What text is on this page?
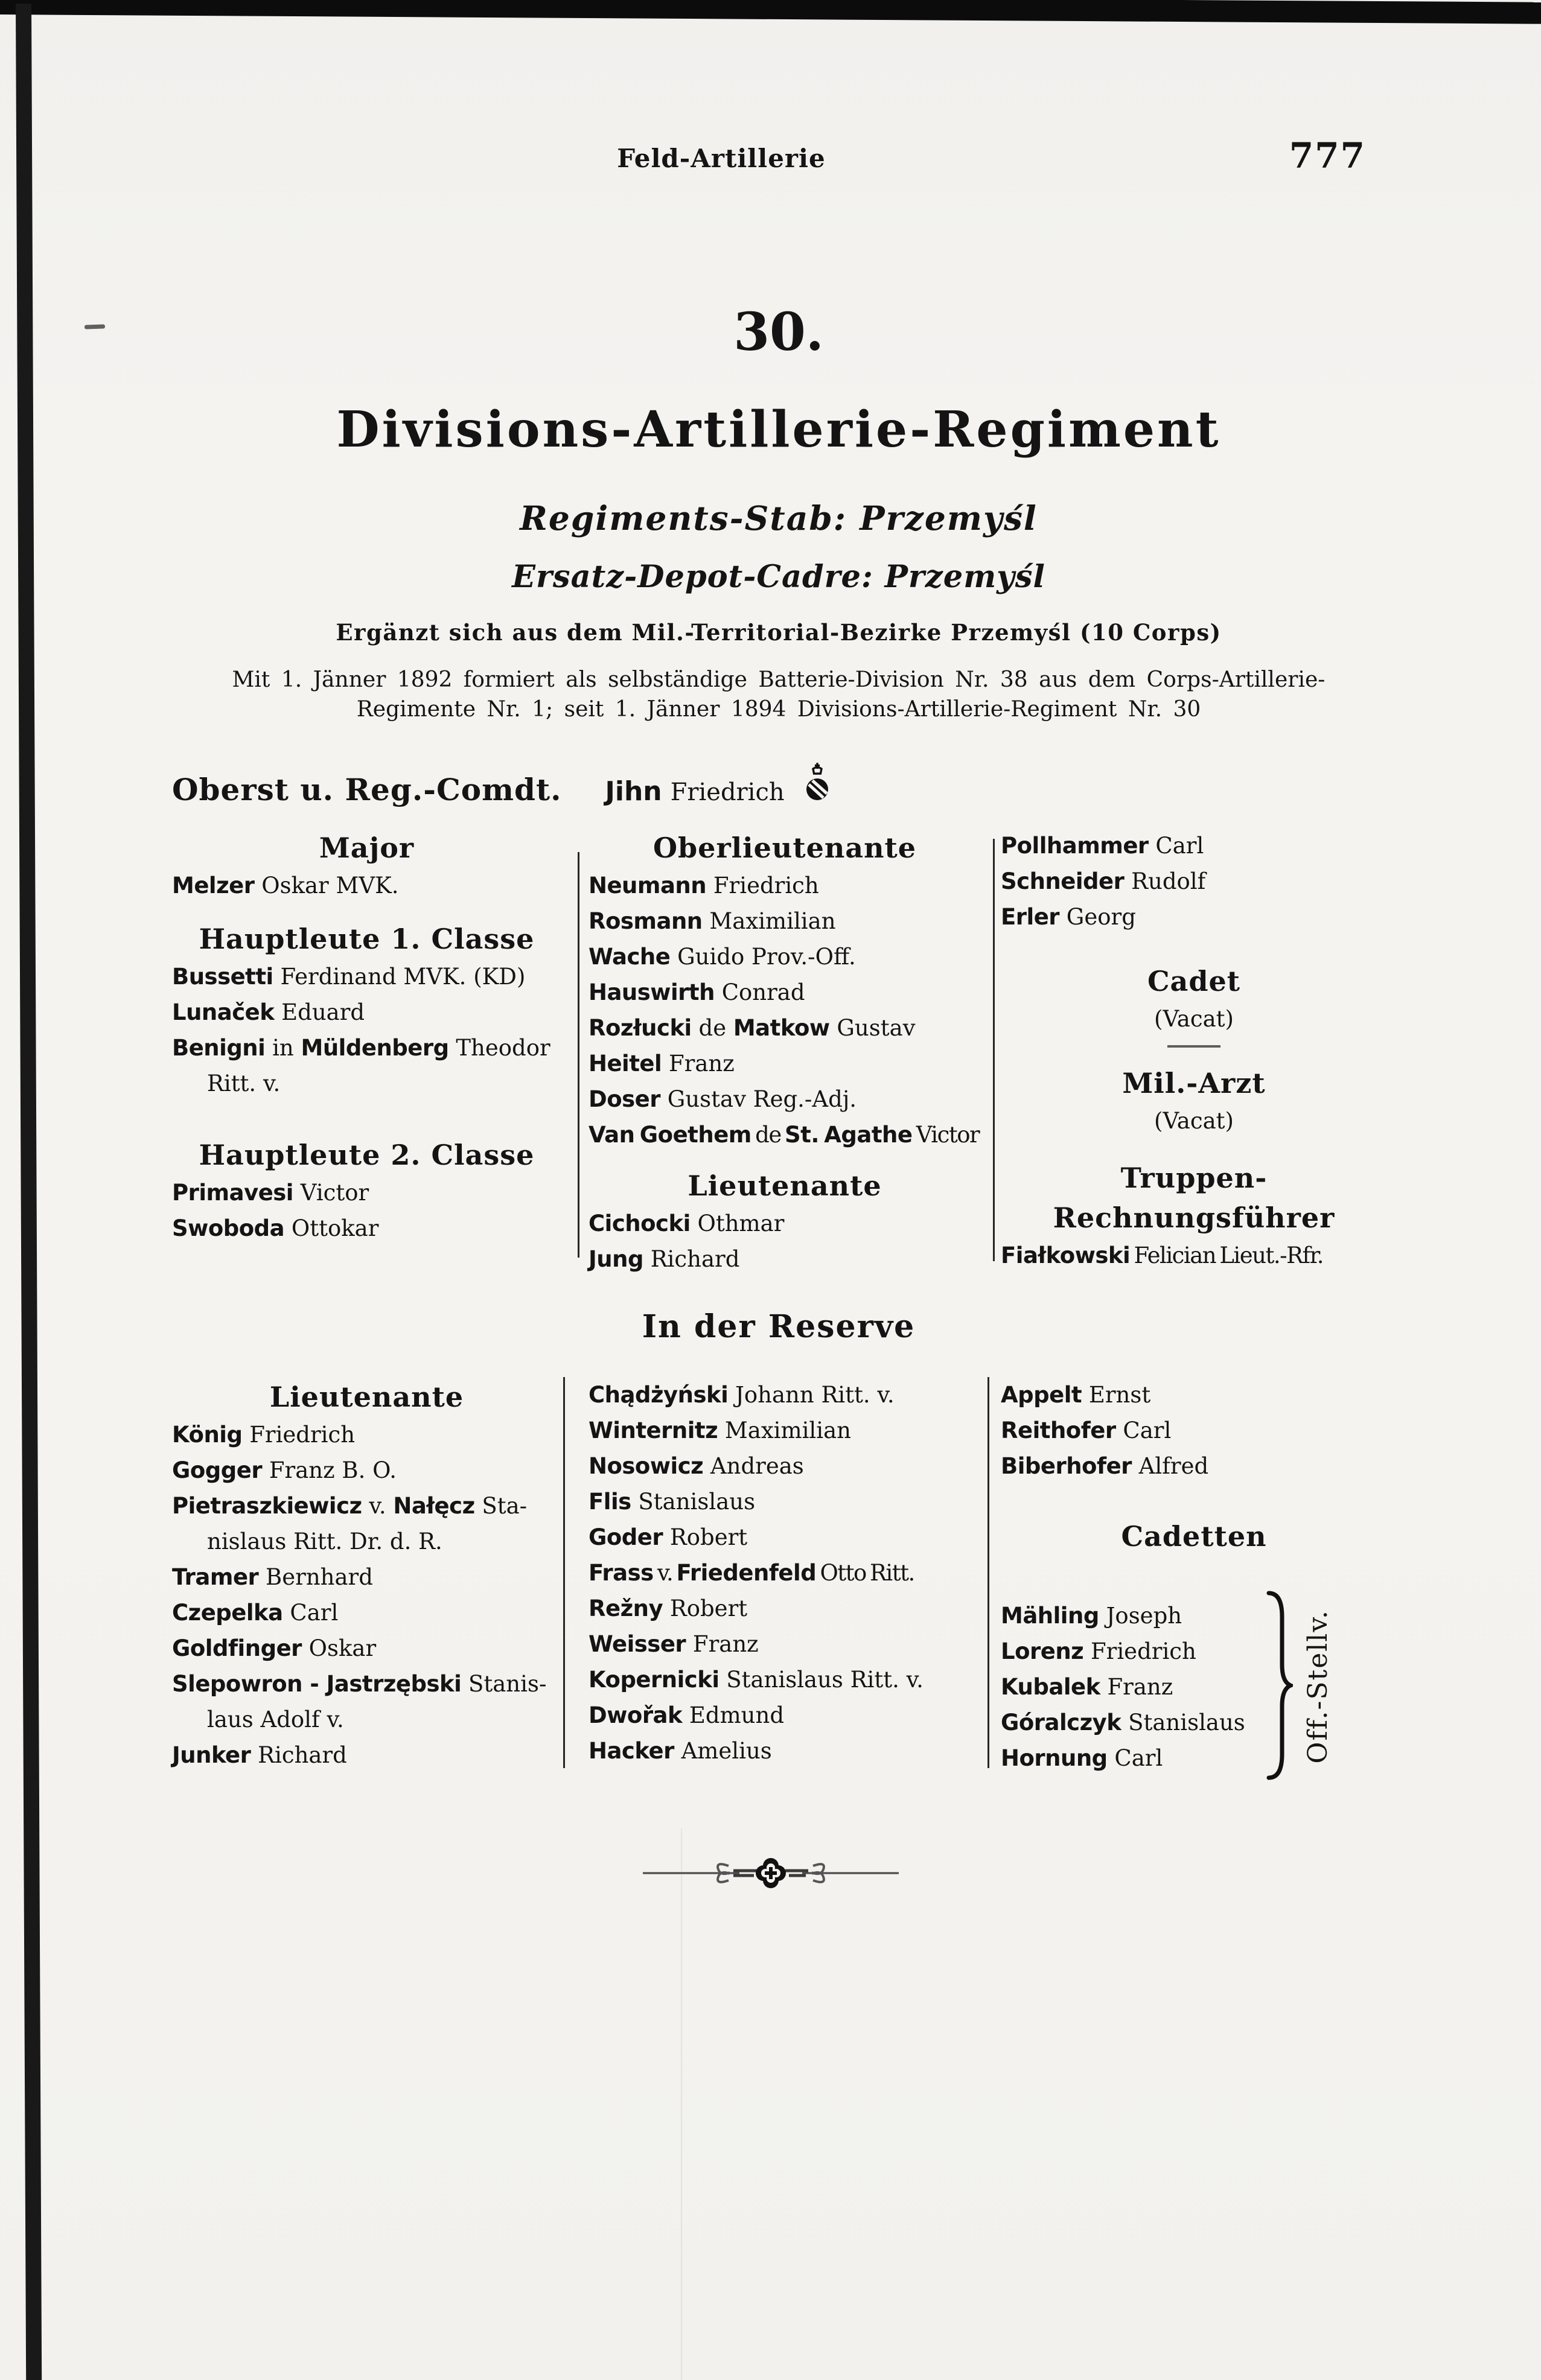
Feld-Artillerie	777
30.
Divisions-Artillerie-Regiment
Regiments-Stab: Przemyśl
Ersatz-Depot-Cadre: Przemyśl
Ergänzt sich aus dem Mil.-Territorial-Bezirke Przemyśl (10 Corps)
Mit 1. Jänner 1892 formiert als selbständige Batterie-Division Nr. 38 aus dem Corps-Artillerie-
Regimente Nr. 1; seit 1. Jänner 1894 Divisions-Artillerie-Regiment Nr. 30
Oberst u. Reg.-Comdt. Jihn Friedrich
Major

Melzer Oskar MVK.

Hauptleute 1. Classe

Bussetti Ferdinand MVK. (KD)

Lunaček Eduard

Benigni in Müldenberg Theodor
Ritt. v.

Hauptleute 2. Classe

Primavesi Victor

Swoboda Ottokar

Oberlieutenante

Neumann Friedrich

Rosmann Maximilian

Wache Guido Prov.-Off.

Hauswirth Conrad

Rozłucki de Matkow Gustav

Heitel Franz

Doser Gustav Reg.-Adj.

Van Goethem de St. Agathe Victor

Lieutenante

Cichocki Othmar

Jung Richard

Pollhammer Carl

Schneider Rudolf

Erler Georg

Cadet

(Vacat)

Mil.-Arzt

(Vacat)

Truppen-Rechnungsführer

Fiałkowski Felician Lieut.-Rfr.

In der Reserve
Lieutenante

König Friedrich

Gogger Franz B. O.

Pietraszkiewicz v. Nałęcz Sta-
nislaus Ritt. Dr. d. R.

Tramer Bernhard

Czepelka Carl

Goldfinger Oskar

Slepowron - Jastrzębski Stanis-
laus Adolf v.

Junker Richard

Chądżyński Johann Ritt. v.

Winternitz Maximilian

Nosowicz Andreas

Flis Stanislaus

Goder Robert

Frass v. Friedenfeld Otto Ritt.

Režny Robert

Weisser Franz

Kopernicki Stanislaus Ritt. v.

Dwořak Edmund

Hacker Amelius

Appelt Ernst

Reithofer Carl

Biberhofer Alfred

Cadetten

Mähling Joseph

Lorenz Friedrich

Kubalek Franz

Góralczyk Stanislaus

Hornung Carl	Off.-Stellv.
